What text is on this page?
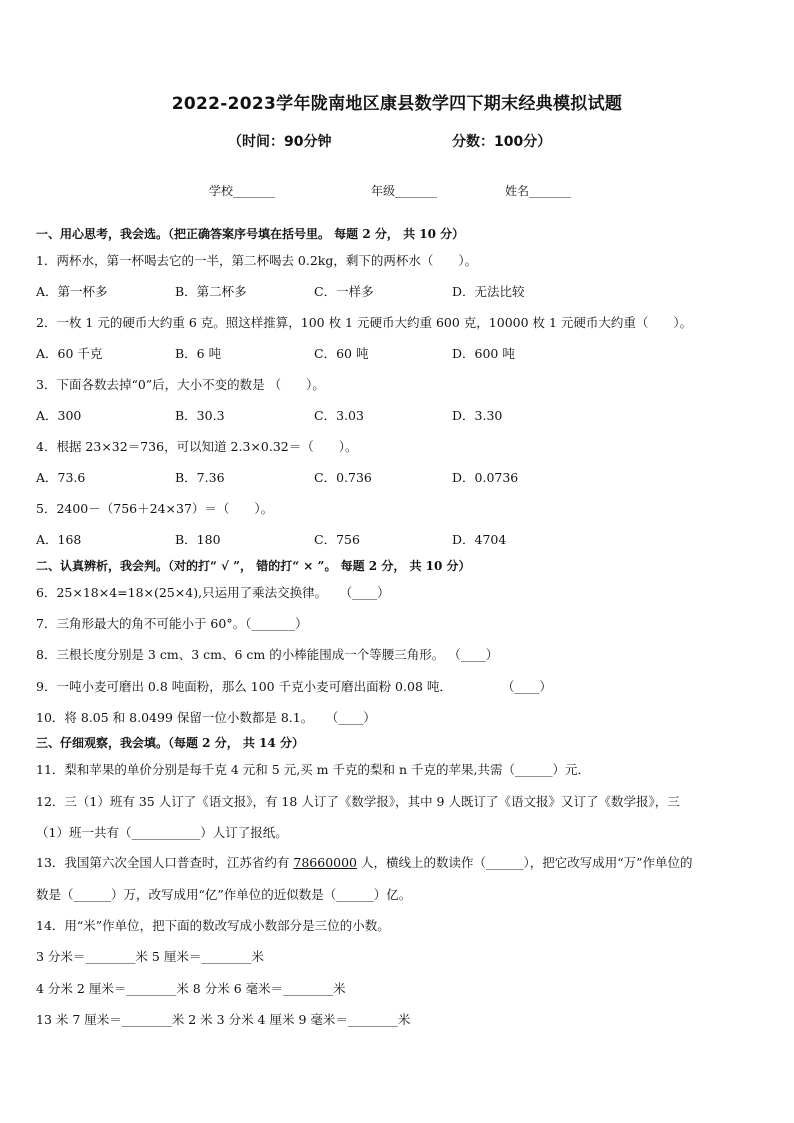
2022-2023学年陇南地区康县数学四下期末经典模拟试题
（时间：90分钟	分数：100分）
学校_______	年级_______	姓名_______
一、用心思考，我会选。（把正确答案序号填在括号里。 每题 2 分， 共 10 分）
1．两杯水，第一杯喝去它的一半，第二杯喝去 0.2kg，剩下的两杯水（　　）。
A．第一杯多	B．第二杯多	C．一样多	D．无法比较
2．一枚 1 元的硬币大约重 6 克。照这样推算，100 枚 1 元硬币大约重 600 克，10000 枚 1 元硬币大约重（　　）。
A．60 千克	B．6 吨	C．60 吨	D．600 吨
3．下面各数去掉“0”后，大小不变的数是 （　　）。
A．300	B．30.3	C．3.03	D．3.30
4．根据 23×32＝736，可以知道 2.3×0.32＝（　　）。
A．73.6	B．7.36	C．0.736	D．0.0736
5．2400－（756＋24×37）＝（　　）。
A．168	B．180	C．756	D．4704
二、认真辨析，我会判。（对的打“ √ ”， 错的打“ × ”。 每题 2 分， 共 10 分）
6．25×18×4=18×(25×4),只运用了乘法交换律。　　（____）
7．三角形最大的角不可能小于 60°。（_______）
8．三根长度分别是 3 cm、3 cm、6 cm 的小棒能围成一个等腰三角形。 （____）
9．一吨小麦可磨出 0.8 吨面粉，那么 100 千克小麦可磨出面粉 0.08 吨．　　　　　（____）
10．将 8.05 和 8.0499 保留一位小数都是 8.1。　　（____）
三、仔细观察，我会填。（每题 2 分， 共 14 分）
11．梨和苹果的单价分别是每千克 4 元和 5 元,买 m 千克的梨和 n 千克的苹果,共需（______）元．
12．三（1）班有 35 人订了《语文报》，有 18 人订了《数学报》，其中 9 人既订了《语文报》又订了《数学报》，三
（1）班一共有（___________）人订了报纸。
13．我国第六次全国人口普查时，江苏省约有 78660000 人，横线上的数读作（______），把它改写成用“万”作单位的
数是（______）万，改写成用“亿”作单位的近似数是（______）亿。
14．用“米”作单位，把下面的数改写成小数部分是三位的小数。
3 分米＝________米 5 厘米＝________米
4 分米 2 厘米＝________米 8 分米 6 毫米＝________米
13 米 7 厘米＝________米 2 米 3 分米 4 厘米 9 毫米＝________米
